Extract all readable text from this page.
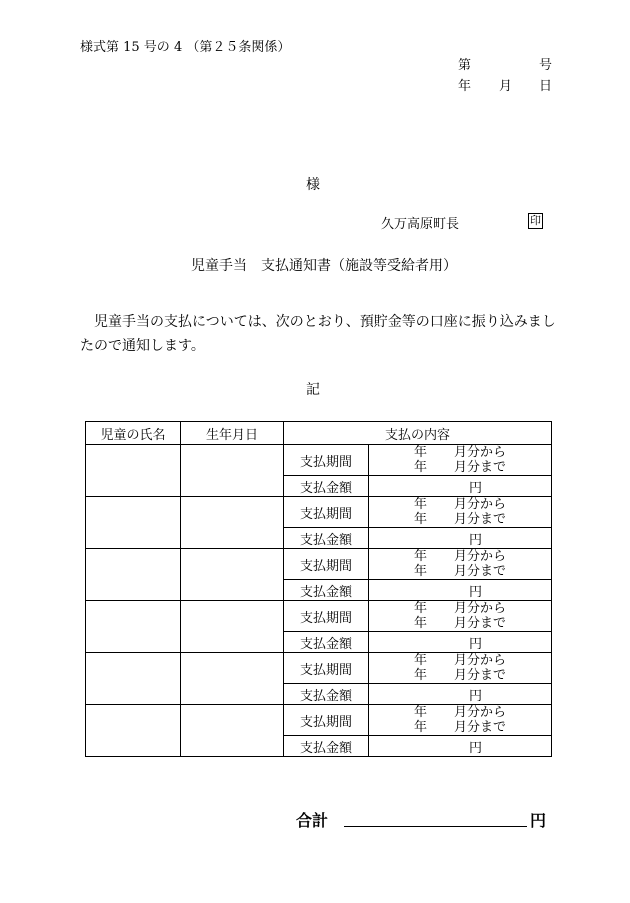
様式第 15 号の 4 （第２５条関係）
第	号
年 月 日
様
久万高原町長	印
児童手当　支払通知書（施設等受給者用）
児童手当の支払については、次のとおり、預貯金等の口座に振り込みましたので通知します。
記
児童の氏名	生年月日	支払の内容	
		支払期間	年 月分から
年 月分まで

		支払金額	円
		支払期間	年 月分から
年 月分まで

		支払金額	円
		支払期間	年 月分から
年 月分まで

		支払金額	円
		支払期間	年 月分から
年 月分まで

		支払金額	円
		支払期間	年 月分から
年 月分まで

		支払金額	円
		支払期間	年 月分から
年 月分まで

		支払金額	円
合計	円
